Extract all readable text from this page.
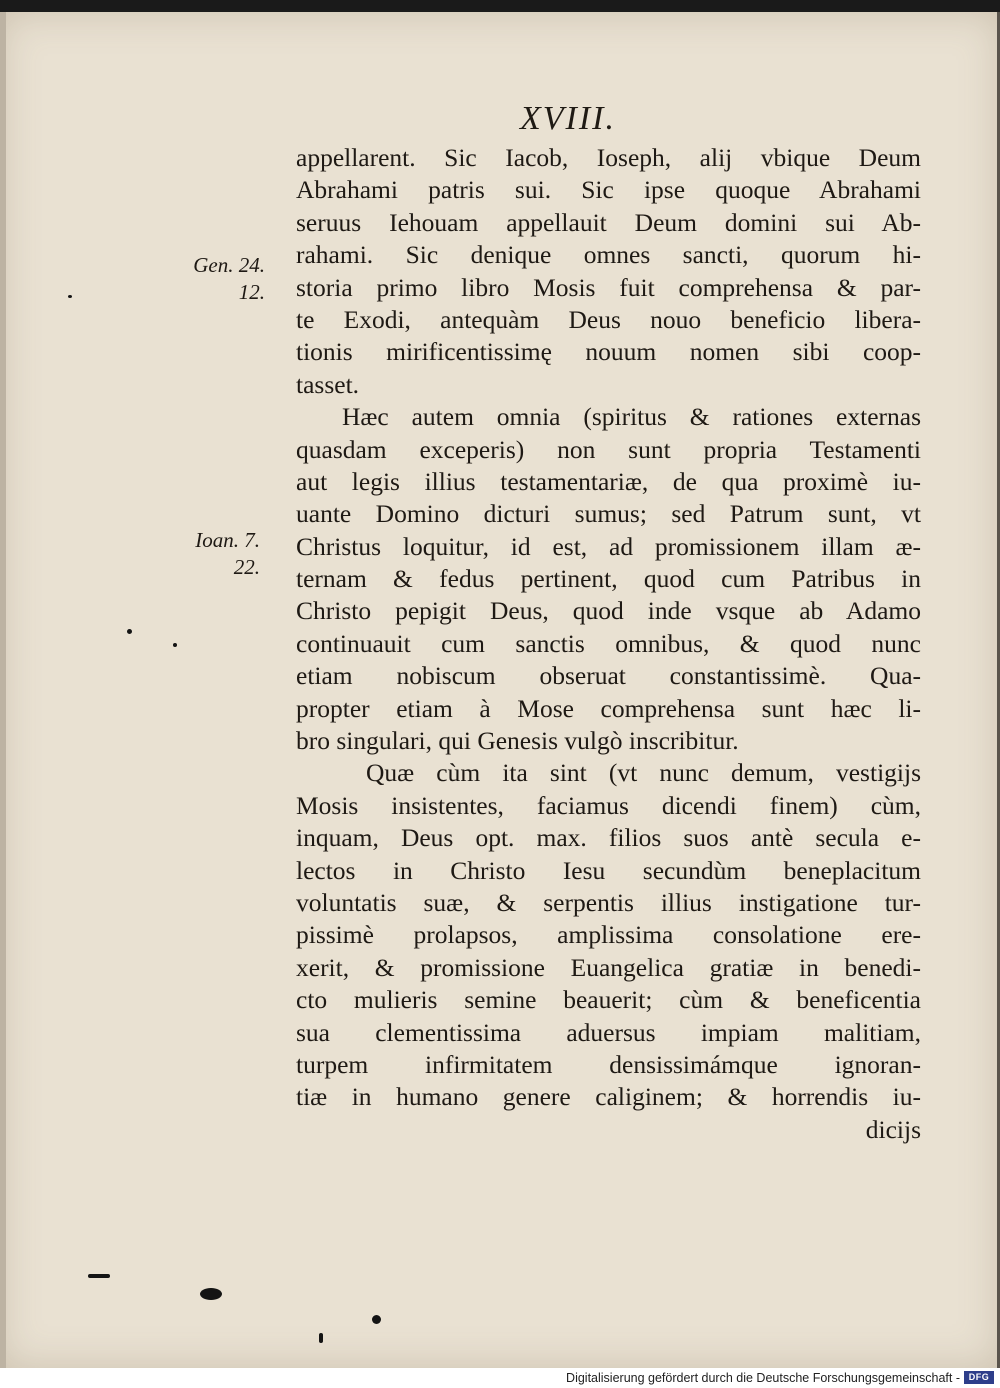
XVIII.
Gen. 24.
12.
Ioan. 7.
22.
appellarent. Sic Iacob, Ioseph, alij vbique Deum
Abrahami patris sui. Sic ipse quoque Abrahami
seruus Iehouam appellauit Deum domini sui Ab-
rahami. Sic denique omnes sancti, quorum hi-
storia primo libro Mosis fuit comprehensa & par-
te Exodi, antequàm Deus nouo beneficio libera-
tionis mirificentissimę nouum nomen sibi coop-
tasset.
Hæc autem omnia (spiritus & rationes externas
quasdam exceperis) non sunt propria Testamenti
aut legis illius testamentariæ, de qua proximè iu-
uante Domino dicturi sumus; sed Patrum sunt, vt
Christus loquitur, id est, ad promissionem illam æ-
ternam & fedus pertinent, quod cum Patribus in
Christo pepigit Deus, quod inde vsque ab Adamo
continuauit cum sanctis omnibus, & quod nunc
etiam nobiscum obseruat constantissimè. Qua-
propter etiam à Mose comprehensa sunt hæc li-
bro singulari, qui Genesis vulgò inscribitur.
Quæ cùm ita sint (vt nunc demum, vestigijs
Mosis insistentes, faciamus dicendi finem) cùm,
inquam, Deus opt. max. filios suos antè secula e-
lectos in Christo Iesu secundùm beneplacitum
voluntatis suæ, & serpentis illius instigatione tur-
pissimè prolapsos, amplissima consolatione ere-
xerit, & promissione Euangelica gratiæ in benedi-
cto mulieris semine beauerit; cùm & beneficentia
sua clementissima aduersus impiam malitiam,
turpem infirmitatem densissimámque ignoran-
tiæ in humano genere caliginem; & horrendis iu-
dicijs
Digitalisierung gefördert durch die Deutsche Forschungsgemeinschaft - DFG
